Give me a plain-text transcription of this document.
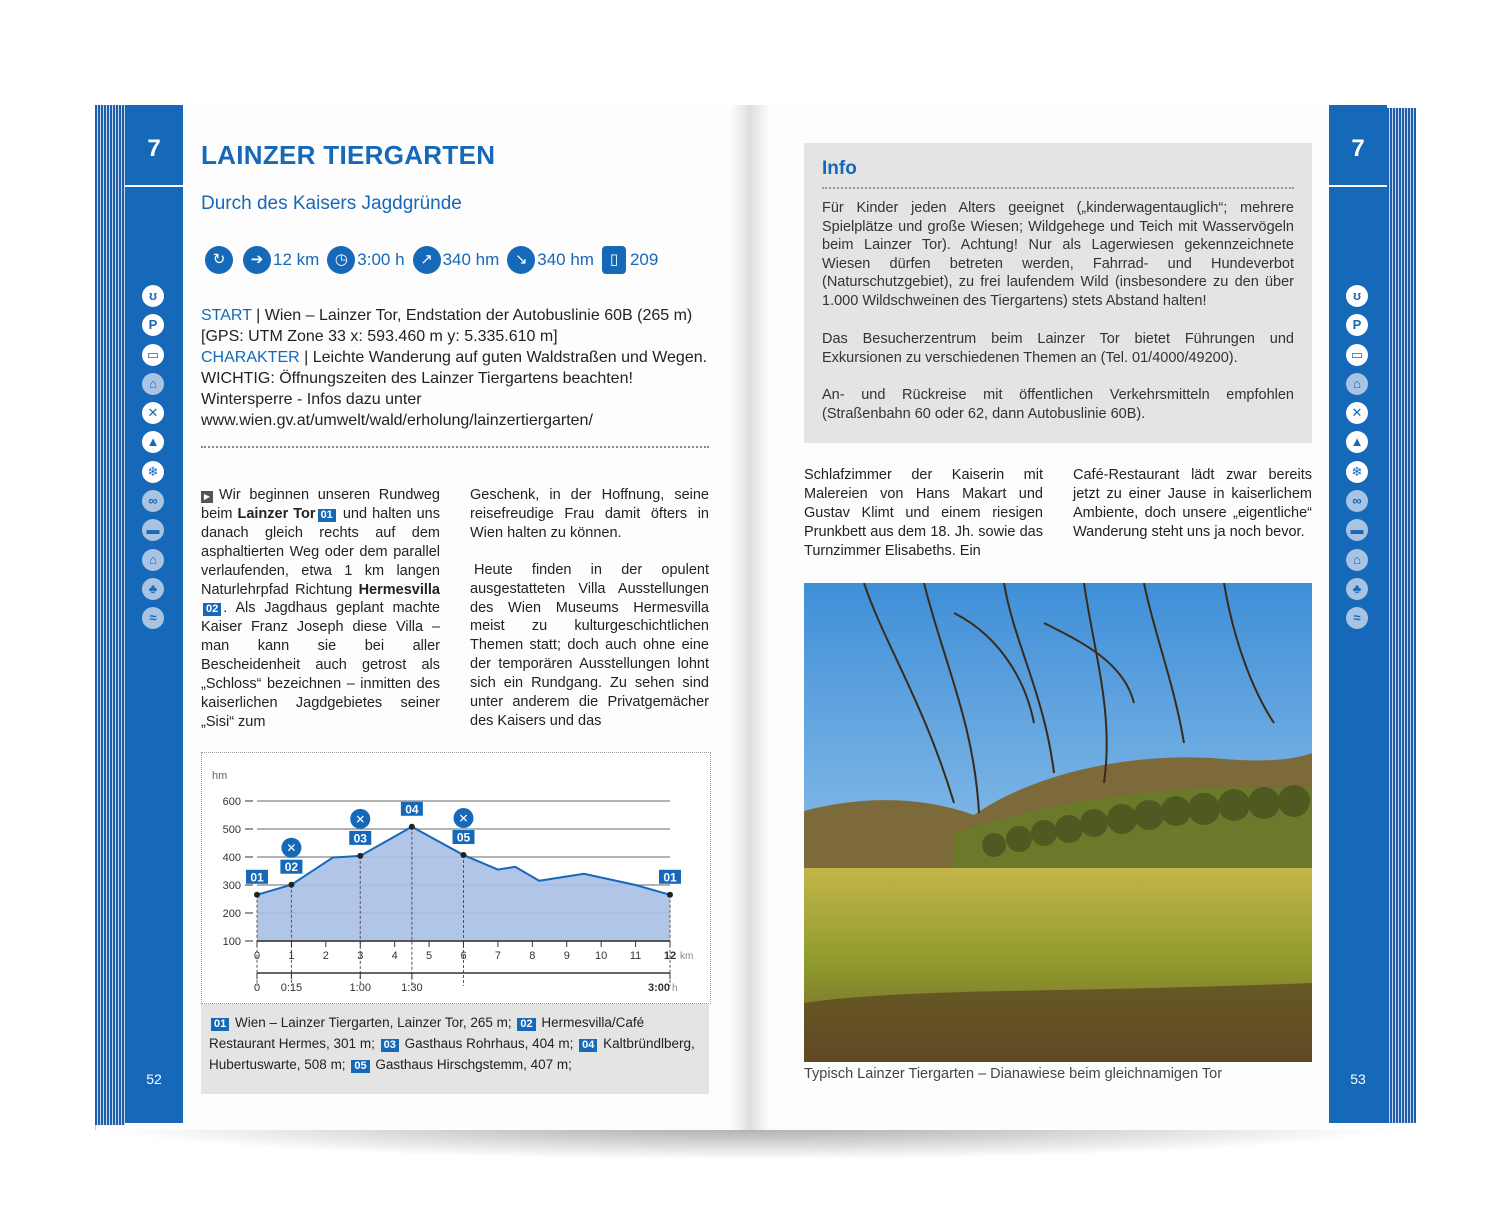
7
ʊ
P
▭
⌂
✕
▲
❄
∞
▬
⌂
♣
≈
52
7
ʊ
P
▭
⌂
✕
▲
❄
∞
▬
⌂
♣
≈
53
LAINZER TIERGARTEN
Durch des Kaisers Jagdgründe
↻	➔ 12 km	◷ 3:00 h	↗ 340 hm	↘ 340 hm	▯ 209
START | Wien – Lainzer Tor, Endstation der Autobuslinie 60B (265 m) [GPS: UTM Zone 33 x: 593.460 m y: 5.335.610 m]
CHARAKTER | Leichte Wanderung auf guten Waldstraßen und Wegen. WICHTIG: Öffnungszeiten des Lainzer Tiergartens beachten! Wintersperre - Infos dazu unter www.wien.gv.at/umwelt/wald/erholung/lainzertiergarten/
▶ Wir beginnen unseren Rundweg beim Lainzer Tor 01 und halten uns danach gleich rechts auf dem asphaltierten Weg oder dem parallel verlaufenden, etwa 1 km langen Naturlehrpfad Richtung Hermesvilla02 . Als Jagdhaus geplant machte Kaiser Franz Joseph diese Villa – man kann sie bei aller Bescheidenheit auch getrost als „Schloss“ bezeichnen – inmitten des kaiserlichen Jagdgebietes seiner „Sisi“ zum
Geschenk, in der Hoffnung, seine reisefreudige Frau damit öfters in Wien halten zu können.
Heute finden in der opulent ausgestatteten Villa Ausstellungen des Wien Museums Hermesvilla meist zu kulturgeschichtlichen Themen statt; doch auch ohne eine der temporären Ausstellungen lohnt sich ein Rundgang. Zu sehen sind unter anderem die Privatgemächer des Kaisers und das
hm
100
200
300
400
500
600
0	1	2	3	4	5	6	7	8	9 10 11 12 km
0 0:15	1:00	1:30	3:00 h
01
02
✕
03
✕
04
05
✕
01
01 Wien – Lainzer Tiergarten, Lainzer Tor, 265 m; 02 Hermesvilla/Café Restaurant Hermes, 301 m; 03 Gasthaus Rohrhaus, 404 m; 04 Kaltbründlberg, Hubertuswarte, 508 m; 05 Gasthaus Hirschgstemm, 407 m;
Info
Für Kinder jeden Alters geeignet („kinderwagentauglich“; mehrere Spielplätze und große Wiesen; Wildgehege und Teich mit Wasservögeln beim Lainzer Tor). Achtung! Nur als Lagerwiesen gekennzeichnete Wiesen dürfen betreten werden, Fahrrad- und Hundeverbot (Naturschutzgebiet), zu frei laufendem Wild (insbesondere zu den über 1.000 Wildschweinen des Tiergartens) stets Abstand halten!
Das Besucherzentrum beim Lainzer Tor bietet Führungen und Exkursionen zu verschiedenen Themen an (Tel. 01/4000/49200).
An- und Rückreise mit öffentlichen Verkehrsmitteln empfohlen (Straßenbahn 60 oder 62, dann Autobuslinie 60B).
Schlafzimmer der Kaiserin mit Malereien von Hans Makart und Gustav Klimt und einem riesigen Prunkbett aus dem 18. Jh. sowie das Turnzimmer Elisabeths. Ein
Café-Restaurant lädt zwar bereits jetzt zu einer Jause in kaiserlichem Ambiente, doch unsere „eigentliche“ Wanderung steht uns ja noch bevor.
Typisch Lainzer Tiergarten – Dianawiese beim gleichnamigen Tor
